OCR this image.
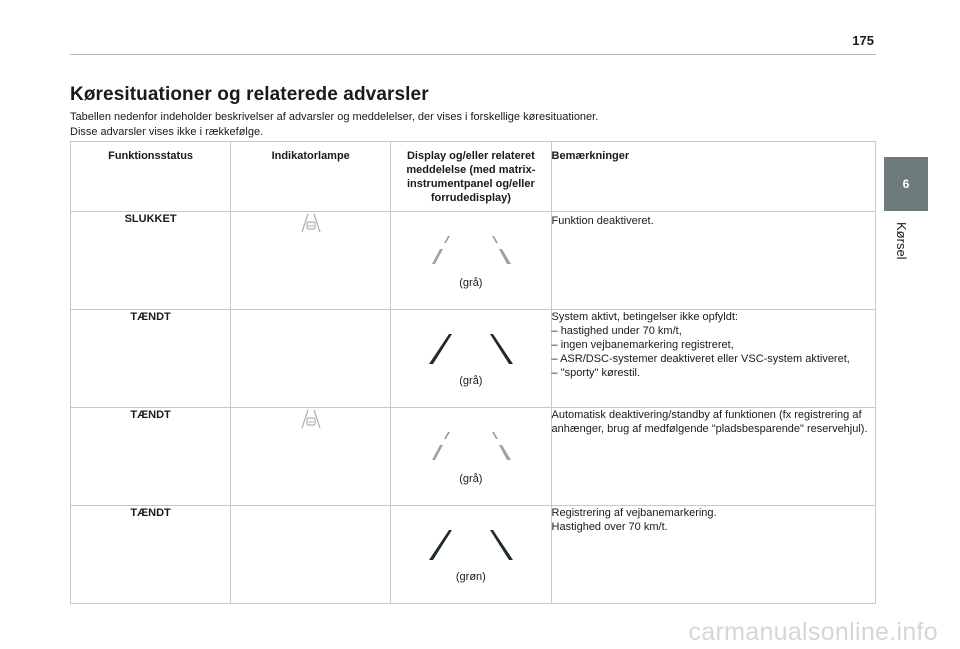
175
Køresituationer og relaterede advarsler

Tabellen nedenfor indeholder beskrivelser af advarsler og meddelelser, der vises i forskellige køresituationer.

Disse advarsler vises ikke i rækkefølge.

6
Kørsel
Funktionsstatus	Indikatorlampe	Display og/eller relateret meddelelse (med matrix-instrumentpanel og/eller forrudedisplay)	Bemærkninger
SLUKKET		(grå)	Funktion deaktiveret.

TÆNDT		(grå)	System aktivt, betingelser ikke opfyldt:

– hastighed under 70 km/t,

– ingen vejbanemarkering registreret,

– ASR/DSC-systemer deaktiveret eller VSC-system aktiveret,

– "sporty" kørestil.

TÆNDT		(grå)	Automatisk deaktivering/standby af funktionen (fx registrering af anhænger, brug af medfølgende "pladsbesparende" reservehjul).

TÆNDT		(grøn)	Registrering af vejbanemarkering.

Hastighed over 70 km/t.

carmanualsonline.info
